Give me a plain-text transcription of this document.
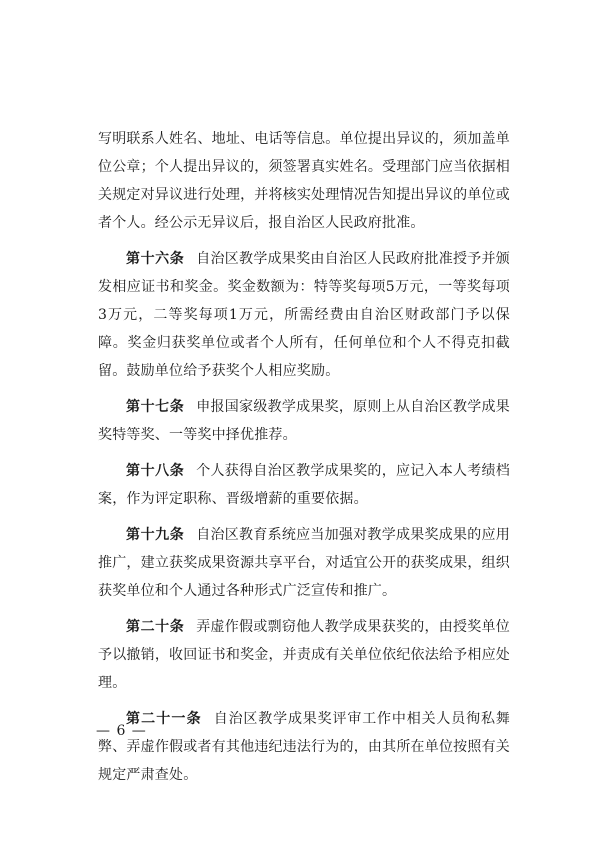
写明联系人姓名、地址、电话等信息。单位提出异议的，须加盖单位公章；个人提出异议的，须签署真实姓名。受理部门应当依据相关规定对异议进行处理，并将核实处理情况告知提出异议的单位或者个人。经公示无异议后，报自治区人民政府批准。

第十六条 自治区教学成果奖由自治区人民政府批准授予并颁发相应证书和奖金。奖金数额为：特等奖每项5万元，一等奖每项3万元，二等奖每项1万元，所需经费由自治区财政部门予以保障。奖金归获奖单位或者个人所有，任何单位和个人不得克扣截留。鼓励单位给予获奖个人相应奖励。

第十七条 申报国家级教学成果奖，原则上从自治区教学成果奖特等奖、一等奖中择优推荐。

第十八条 个人获得自治区教学成果奖的，应记入本人考绩档案，作为评定职称、晋级增薪的重要依据。

第十九条 自治区教育系统应当加强对教学成果奖成果的应用推广，建立获奖成果资源共享平台，对适宜公开的获奖成果，组织获奖单位和个人通过各种形式广泛宣传和推广。

第二十条 弄虚作假或剽窃他人教学成果获奖的，由授奖单位予以撤销，收回证书和奖金，并责成有关单位依纪依法给予相应处理。

第二十一条 自治区教学成果奖评审工作中相关人员徇私舞弊、弄虚作假或者有其他违纪违法行为的，由其所在单位按照有关规定严肃查处。

— 6 —
